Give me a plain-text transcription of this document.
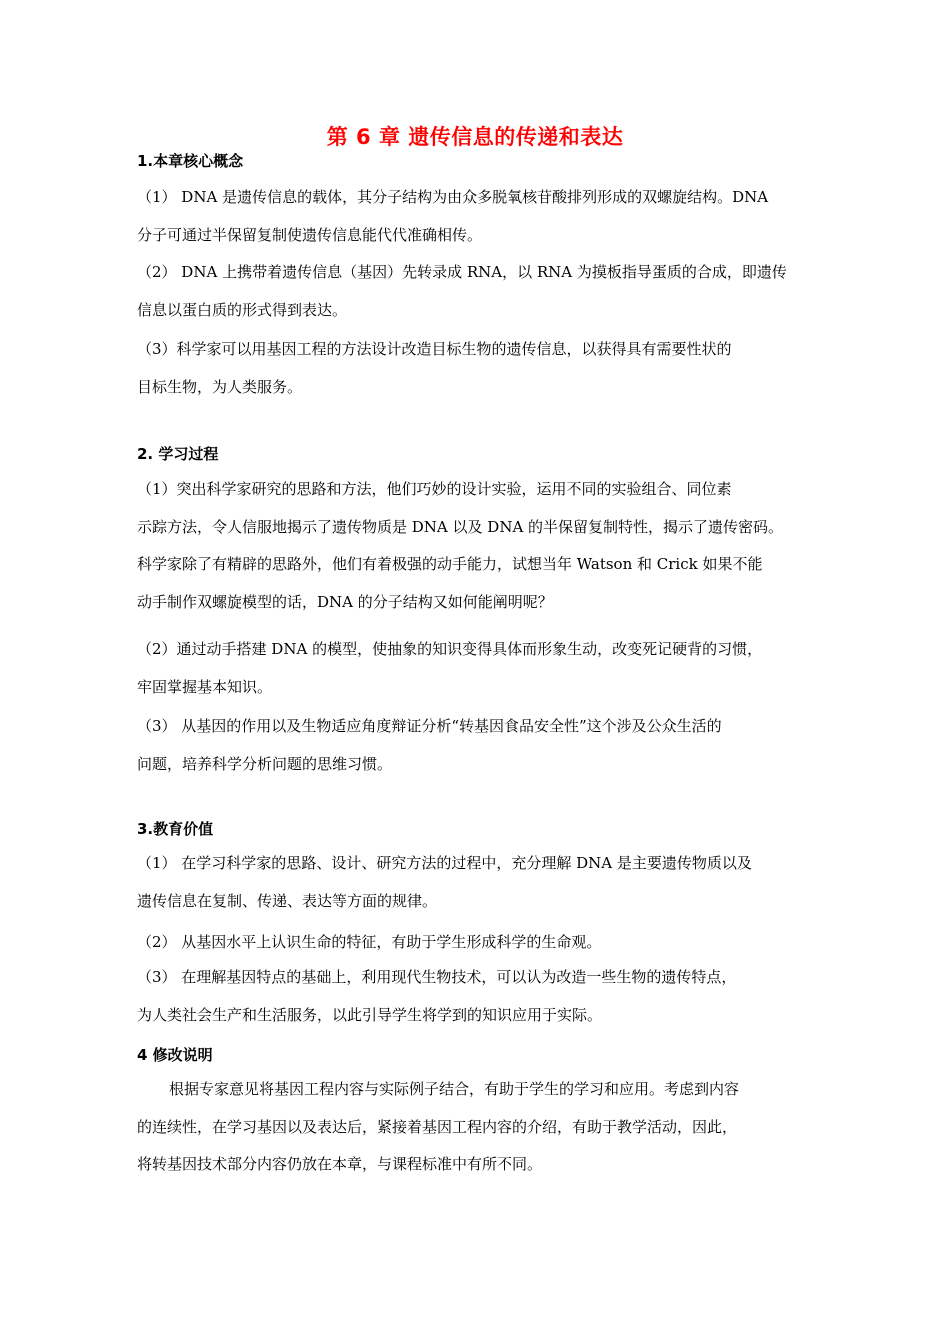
第 6 章 遗传信息的传递和表达
1.本章核心概念
（1） DNA 是遗传信息的载体，其分子结构为由众多脱氧核苷酸排列形成的双螺旋结构。DNA
分子可通过半保留复制使遗传信息能代代准确相传。
（2） DNA 上携带着遗传信息（基因）先转录成 RNA，以 RNA 为摸板指导蛋质的合成，即遗传
信息以蛋白质的形式得到表达。
（3）科学家可以用基因工程的方法设计改造目标生物的遗传信息，以获得具有需要性状的
目标生物，为人类服务。
2. 学习过程
（1）突出科学家研究的思路和方法，他们巧妙的设计实验，运用不同的实验组合、同位素
示踪方法，令人信服地揭示了遗传物质是 DNA 以及 DNA 的半保留复制特性，揭示了遗传密码。
科学家除了有精辟的思路外，他们有着极强的动手能力，试想当年 Watson 和 Crick 如果不能
动手制作双螺旋模型的话，DNA 的分子结构又如何能阐明呢？
（2）通过动手搭建 DNA 的模型，使抽象的知识变得具体而形象生动，改变死记硬背的习惯，
牢固掌握基本知识。
（3） 从基因的作用以及生物适应角度辩证分析“转基因食品安全性”这个涉及公众生活的
问题，培养科学分析问题的思维习惯。
3.教育价值
（1） 在学习科学家的思路、设计、研究方法的过程中，充分理解 DNA 是主要遗传物质以及
遗传信息在复制、传递、表达等方面的规律。
（2） 从基因水平上认识生命的特征，有助于学生形成科学的生命观。
（3） 在理解基因特点的基础上，利用现代生物技术，可以认为改造一些生物的遗传特点，
为人类社会生产和生活服务，以此引导学生将学到的知识应用于实际。
4 修改说明
根据专家意见将基因工程内容与实际例子结合，有助于学生的学习和应用。考虑到内容
的连续性，在学习基因以及表达后，紧接着基因工程内容的介绍，有助于教学活动，因此，
将转基因技术部分内容仍放在本章，与课程标准中有所不同。
